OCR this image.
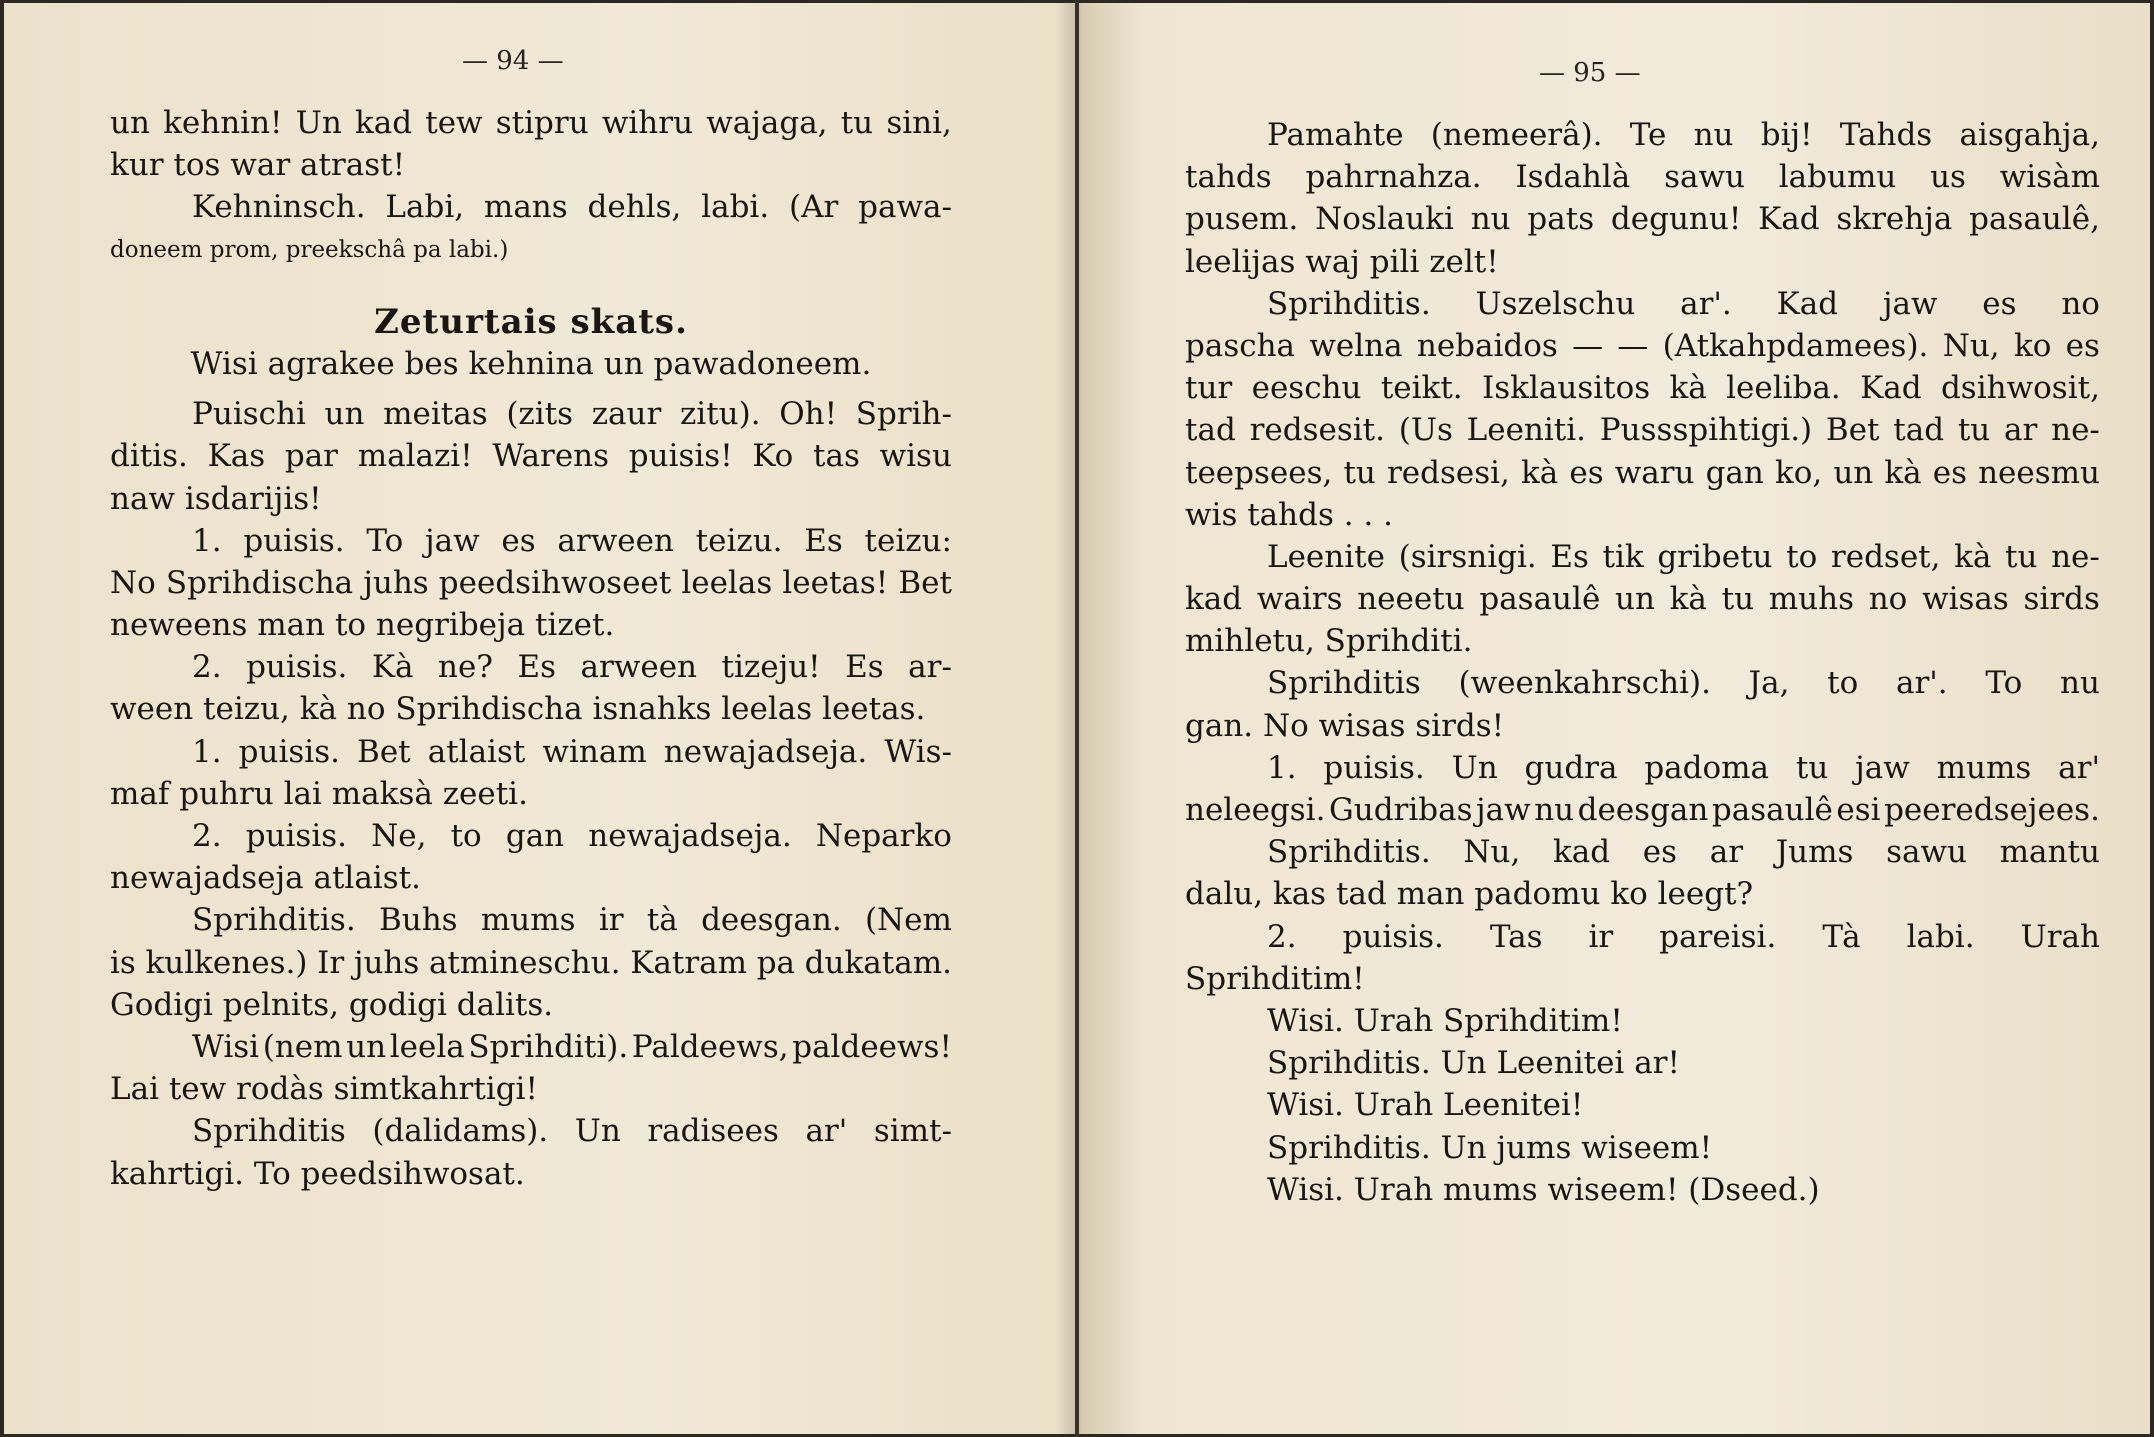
— 94 —
un kehnin! Un kad tew stipru wihru wajaga, tu sini,
kur tos war atrast!
Kehninsch. Labi, mans dehls, labi. (Ar pawa-
doneem prom, preekschâ pa labi.)
Zeturtais skats.
Wisi agrakee bes kehnina un pawadoneem.
Puischi un meitas (zits zaur zitu). Oh! Sprih-
ditis. Kas par malazi! Warens puisis! Ko tas wisu
naw isdarijis!
1. puisis. To jaw es arween teizu. Es teizu:
No Sprihdischa juhs peedsihwoseet leelas leetas! Bet
neweens man to negribeja tizet.
2. puisis. Kà ne? Es arween tizeju! Es ar-
ween teizu, kà no Sprihdischa isnahks leelas leetas.
1. puisis. Bet atlaist winam newajadseja. Wis-
maf puhru lai maksà zeeti.
2. puisis. Ne, to gan newajadseja. Neparko
newajadseja atlaist.
Sprihditis. Buhs mums ir tà deesgan. (Nem
is kulkenes.) Ir juhs atmineschu. Katram pa dukatam.
Godigi pelnits, godigi dalits.
Wisi (nem un leela Sprihditi). Paldeews, paldeews!
Lai tew rodàs simtkahrtigi!
Sprihditis (dalidams). Un radisees ar' simt-
kahrtigi. To peedsihwosat.
— 95 —
Pamahte (nemeerâ). Te nu bij! Tahds aisgahja,
tahds pahrnahza. Isdahlà sawu labumu us wisàm
pusem. Noslauki nu pats degunu! Kad skrehja pasaulê,
leelijas waj pili zelt!
Sprihditis. Uszelschu ar'. Kad jaw es no
pascha welna nebaidos — — (Atkahpdamees). Nu, ko es
tur eeschu teikt. Isklausitos kà leeliba. Kad dsihwosit,
tad redsesit. (Us Leeniti. Pussspihtigi.) Bet tad tu ar ne-
teepsees, tu redsesi, kà es waru gan ko, un kà es neesmu
wis tahds . . .
Leenite (sirsnigi. Es tik gribetu to redset, kà tu ne-
kad wairs neeetu pasaulê un kà tu muhs no wisas sirds
mihletu, Sprihditi.
Sprihditis (weenkahrschi). Ja, to ar'. To nu
gan. No wisas sirds!
1. puisis. Un gudra padoma tu jaw mums ar'
neleegsi. Gudribas jaw nu deesgan pasaulê esi peeredsejees.
Sprihditis. Nu, kad es ar Jums sawu mantu
dalu, kas tad man padomu ko leegt?
2. puisis. Tas ir pareisi. Tà labi. Urah
Sprihditim!
Wisi. Urah Sprihditim!
Sprihditis. Un Leenitei ar!
Wisi. Urah Leenitei!
Sprihditis. Un jums wiseem!
Wisi. Urah mums wiseem! (Dseed.)
